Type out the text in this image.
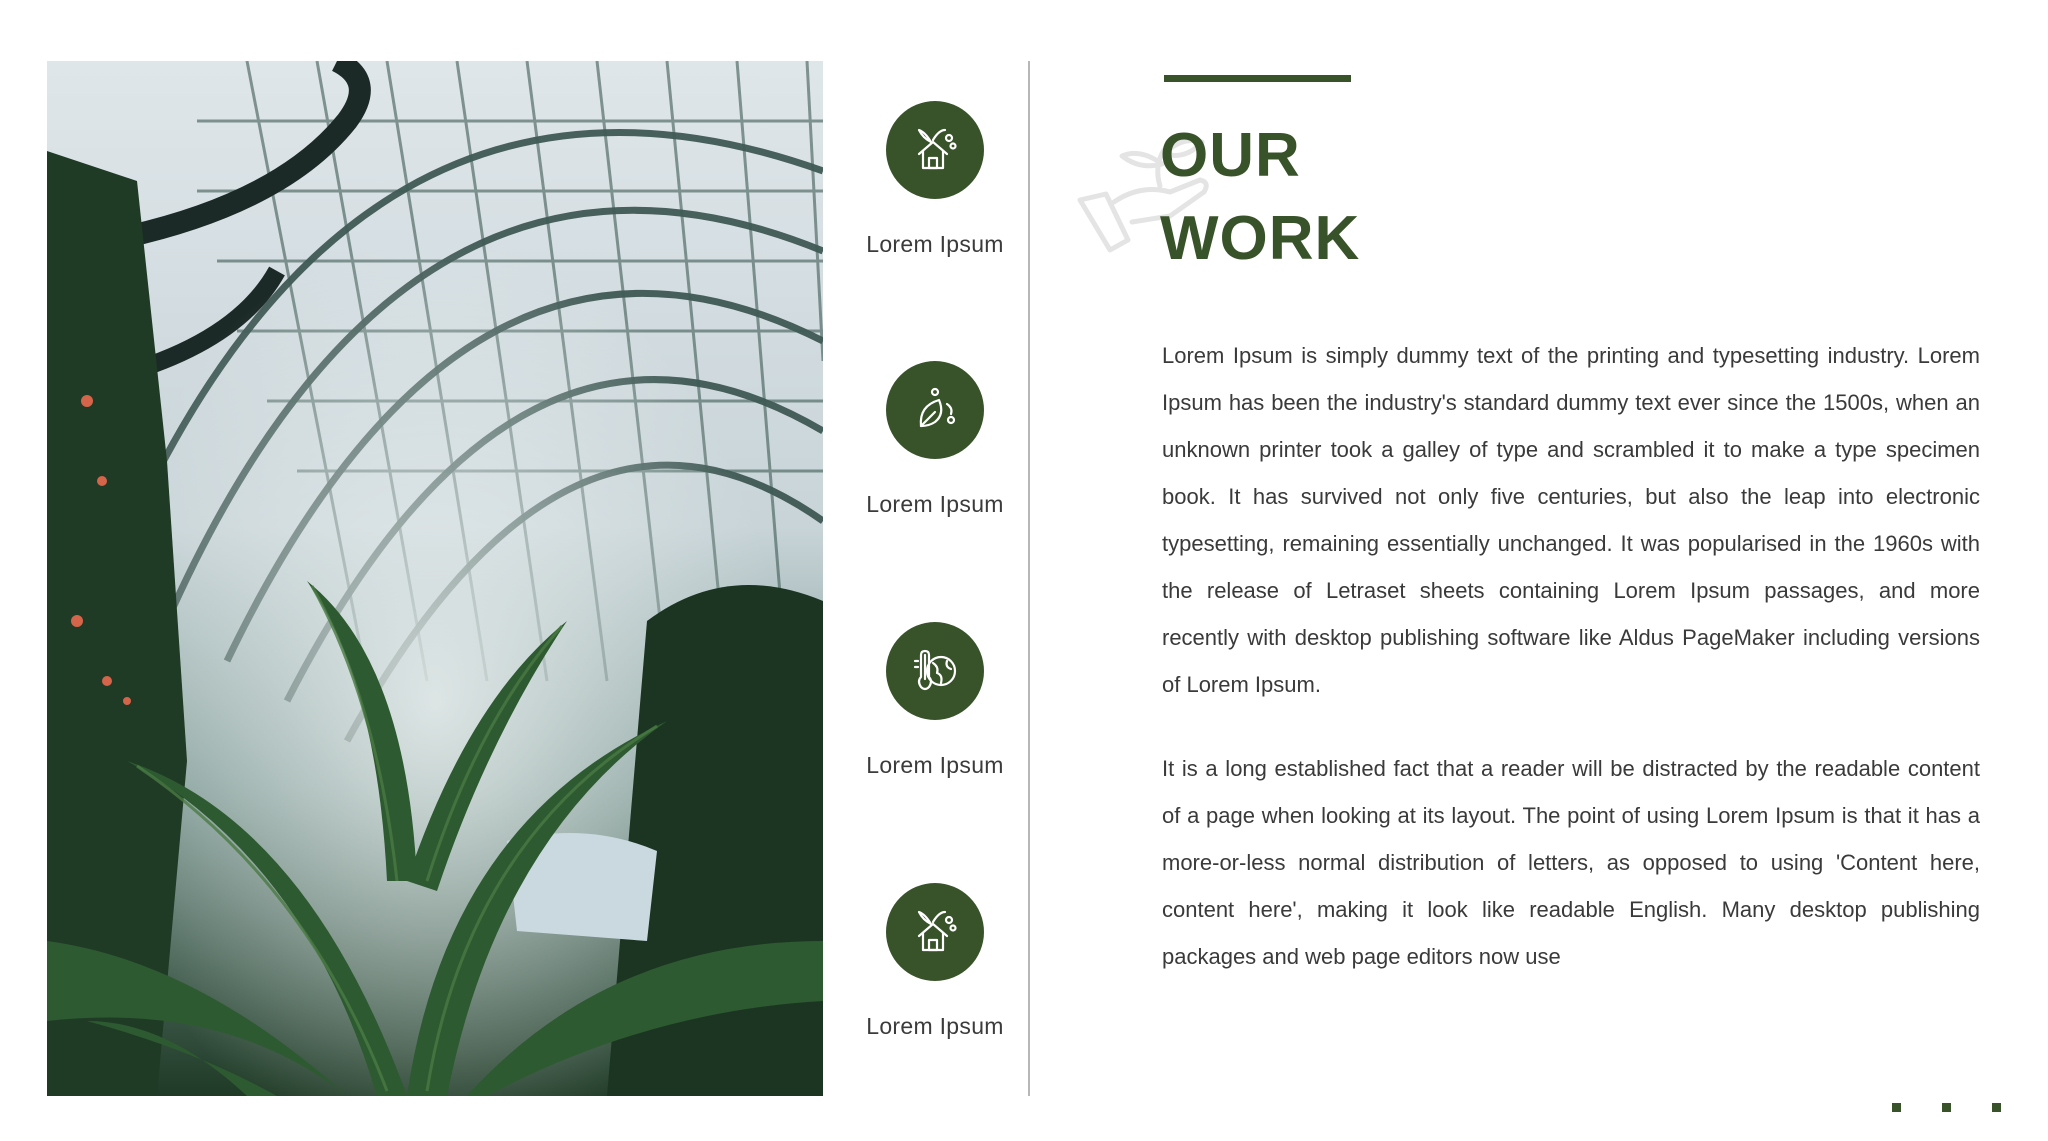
Lorem Ipsum
Lorem Ipsum
Lorem Ipsum
Lorem Ipsum
OUR
WORK

Lorem Ipsum is simply dummy text of the printing and typesetting industry. Lorem Ipsum has been the industry's standard dummy text ever since the 1500s, when an unknown printer took a galley of type and scrambled it to make a type specimen book. It has survived not only five centuries, but also the leap into electronic typesetting, remaining essentially unchanged. It was popularised in the 1960s with the release of Letraset sheets containing Lorem Ipsum passages, and more recently with desktop publishing software like Aldus PageMaker including versions of Lorem Ipsum.

It is a long established fact that a reader will be distracted by the readable content of a page when looking at its layout. The point of using Lorem Ipsum is that it has a more-or-less normal distribution of letters, as opposed to using 'Content here, content here', making it look like readable English. Many desktop publishing packages and web page editors now use
